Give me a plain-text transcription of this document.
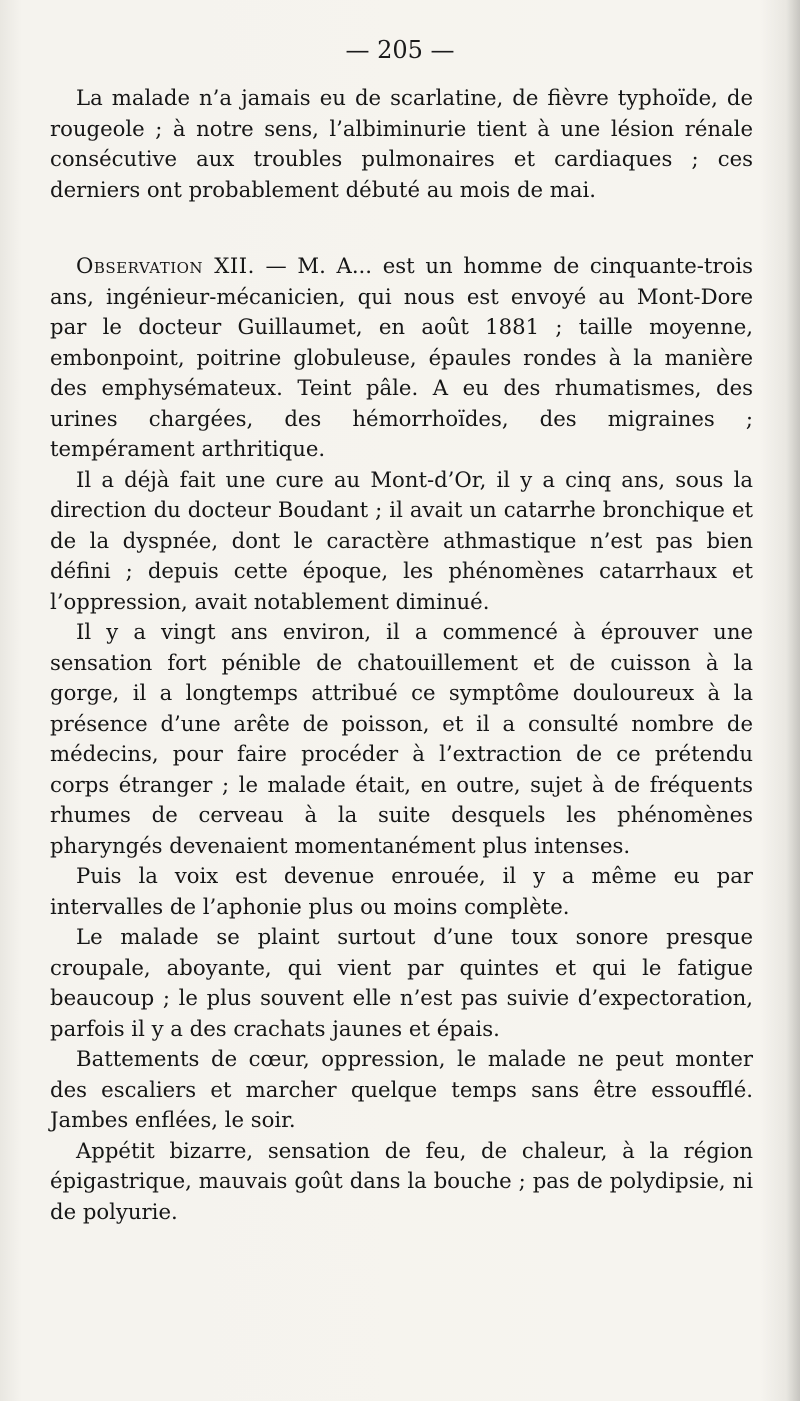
— 205 —

La malade n’a jamais eu de scarlatine, de fièvre typhoïde, de rougeole ; à notre sens, l’albiminurie tient à une lésion rénale consécutive aux troubles pulmonaires et cardiaques ; ces derniers ont probablement débuté au mois de mai.

Observation XII. — M. A... est un homme de cinquante-trois ans, ingénieur-mécanicien, qui nous est envoyé au Mont-Dore par le docteur Guillaumet, en août 1881 ; taille moyenne, embonpoint, poitrine globuleuse, épaules rondes à la manière des emphysémateux. Teint pâle. A eu des rhumatismes, des urines chargées, des hémorrhoïdes, des migraines ; tempérament arthritique.

Il a déjà fait une cure au Mont-d’Or, il y a cinq ans, sous la direction du docteur Boudant ; il avait un catarrhe bronchique et de la dyspnée, dont le caractère athmastique n’est pas bien défini ; depuis cette époque, les phénomènes catarrhaux et l’oppression, avait notablement diminué.

Il y a vingt ans environ, il a commencé à éprouver une sensation fort pénible de chatouillement et de cuisson à la gorge, il a longtemps attribué ce symptôme douloureux à la présence d’une arête de poisson, et il a consulté nombre de médecins, pour faire procéder à l’extraction de ce prétendu corps étranger ; le malade était, en outre, sujet à de fréquents rhumes de cerveau à la suite desquels les phénomènes pharyngés devenaient momentanément plus intenses.

Puis la voix est devenue enrouée, il y a même eu par intervalles de l’aphonie plus ou moins complète.

Le malade se plaint surtout d’une toux sonore presque croupale, aboyante, qui vient par quintes et qui le fatigue beaucoup ; le plus souvent elle n’est pas suivie d’expectoration, parfois il y a des crachats jaunes et épais.

Battements de cœur, oppression, le malade ne peut monter des escaliers et marcher quelque temps sans être essoufflé. Jambes enflées, le soir.

Appétit bizarre, sensation de feu, de chaleur, à la région épigastrique, mauvais goût dans la bouche ; pas de polydipsie, ni de polyurie.
